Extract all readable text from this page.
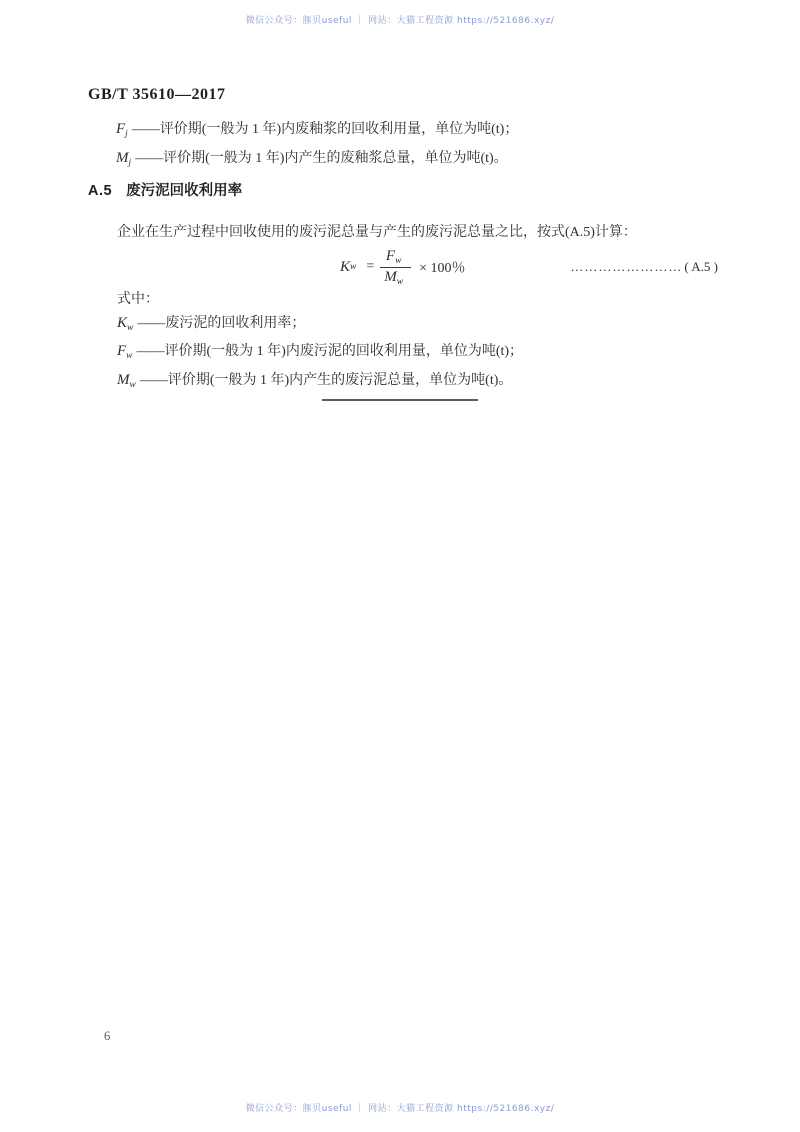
微信公众号：豚贝useful ｜ 网站：大猫工程资源 https://521686.xyz/
GB/T 35610—2017
$F_j$ ——评价期(一般为 1 年)内废釉浆的回收利用量，单位为吨(t)；
$M_j$ ——评价期(一般为 1 年)内产生的废釉浆总量，单位为吨(t)。
A.5 废污泥回收利用率
企业在生产过程中回收使用的废污泥总量与产生的废污泥总量之比，按式(A.5)计算：
K $w = \frac{F_w}{M_w} \times 100$％	…………………… ( A.5 )
式中：
$K_w$ ——废污泥的回收利用率；
$F_w$ ——评价期(一般为 1 年)内废污泥的回收利用量，单位为吨(t)；
$M_w$ ——评价期(一般为 1 年)内产生的废污泥总量，单位为吨(t)。
6
微信公众号：豚贝useful ｜ 网站：大猫工程资源 https://521686.xyz/
